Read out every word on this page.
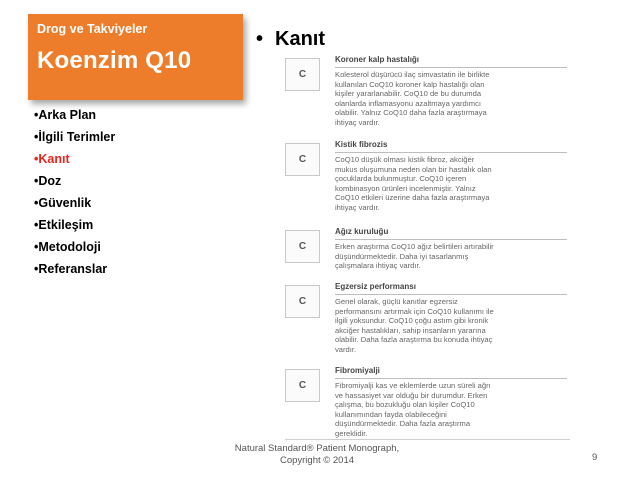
Drog ve Takviyeler
Koenzim Q10
•Arka Plan
•İlgili Terimler
•Kanıt
•Doz
•Güvenlik
•Etkileşim
•Metodoloji
•Referanslar
• Kanıt
C
Koroner kalp hastalığı
Kolesterol düşürücü ilaç simvastatin ile birlikte
kullanılan CoQ10 koroner kalp hastalığı olan
kişiler yararlanabilir. CoQ10 de bu durumda
olanlarda inflamasyonu azaltmaya yardımcı
olabilir. Yalnız CoQ10 daha fazla araştırmaya
ihtiyaç vardır.
C
Kistik fibrozis
CoQ10 düşük olması kistik fibroz, akciğer
mukus oluşumuna neden olan bir hastalık olan
çocuklarda bulunmuştur. CoQ10 içeren
kombinasyon ürünleri incelenmiştir. Yalnız
CoQ10 etkileri üzerine daha fazla araştırmaya
ihtiyaç vardır.
C
Ağız kuruluğu
Erken araştırma CoQ10 ağız belirtileri artırabilir
düşündürmektedir. Daha iyi tasarlanmış
çalışmalara ihtiyaç vardır.
C
Egzersiz performansı
Genel olarak, güçlü kanıtlar egzersiz
performansını artırmak için CoQ10 kullanımı ile
ilgili yoksundur. CoQ10 çoğu astım gibi kronik
akciğer hastalıkları, sahip insanların yararına
olabilir. Daha fazla araştırma bu konuda ihtiyaç
vardır.
C
Fibromiyalji
Fibromiyalji kas ve eklemlerde uzun süreli ağrı
ve hassasiyet var olduğu bir durumdur. Erken
çalışma, bu bozukluğu olan kişiler CoQ10
kullanımından fayda olabileceğini
düşündürmektedir. Daha fazla araştırma
gereklidir.
Natural Standard® Patient Monograph,
Copyright © 2014	9
